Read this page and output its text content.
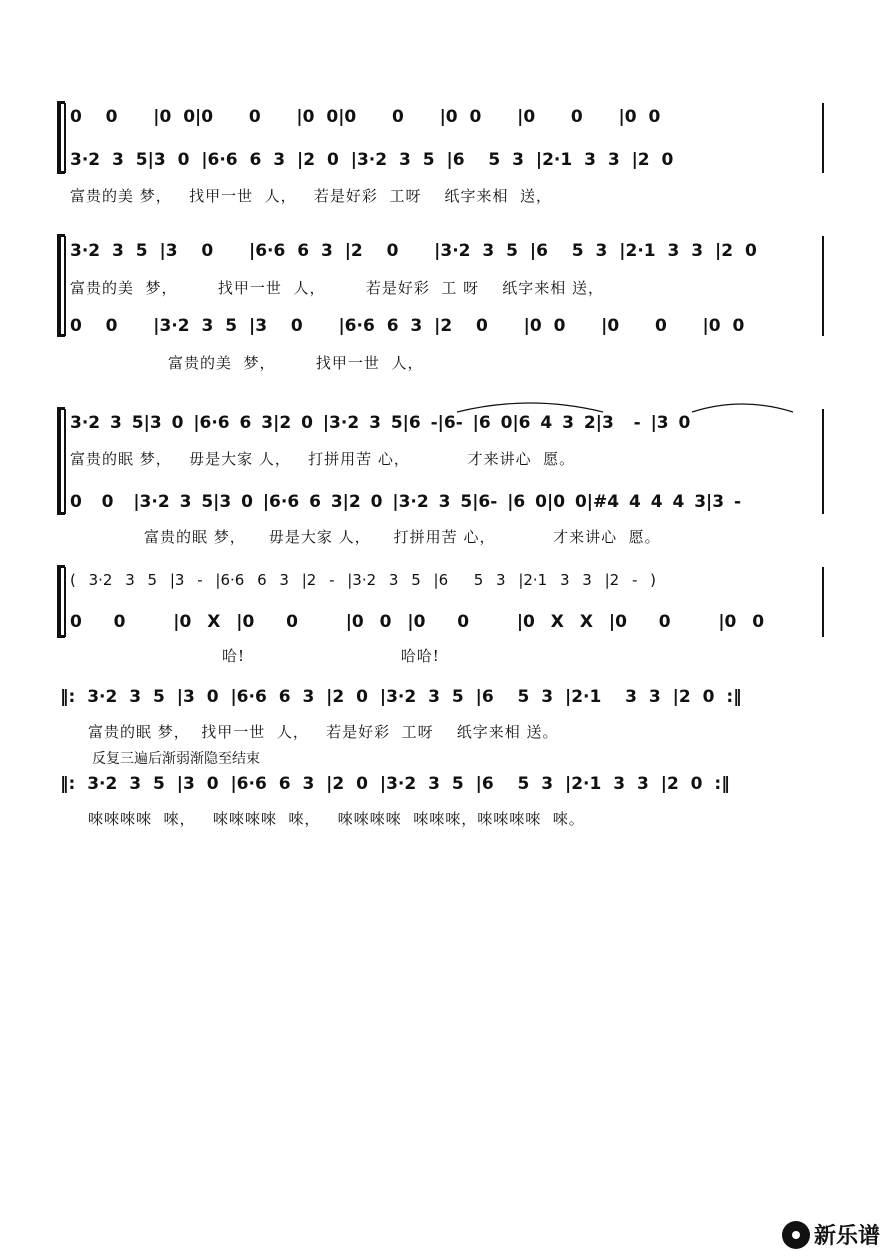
0  0   |0 0|0   0   |0 0|0   0   |0 0   |0   0   |0 0
3·2 3 5|3 0 |6·6 6 3 |2 0 |3·2 3 5 |6  5 3 |2·1 3 3 |2 0
富贵的美 梦，   找甲一世  人，   若是好彩  工呀    纸字来相  送，
3·2 3 5 |3  0   |6·6 6 3 |2  0   |3·2 3 5 |6  5 3 |2·1 3 3 |2 0
富贵的美  梦，       找甲一世  人，       若是好彩  工 呀    纸字来相 送，
0  0   |3·2 3 5 |3  0   |6·6 6 3 |2  0   |0 0   |0   0   |0 0
富贵的美  梦，       找甲一世  人，
3·2 3 5|3 0 |6·6 6 3|2 0 |3·2 3 5|6 -|6- |6 0|6 4 3 2|3  - |3 0
富贵的眠 梦，   毋是大家 人，   打拼用苦 心，          才来讲心  愿。
0  0  |3·2 3 5|3 0 |6·6 6 3|2 0 |3·2 3 5|6- |6 0|0 0|#4 4 4 4 3|3 -
富贵的眠 梦，    毋是大家 人，    打拼用苦 心，          才来讲心  愿。
( 3·2 3 5 |3 - |6·6 6 3 |2 - |3·2 3 5 |6  5 3 |2·1 3 3 |2 - )
0  0   |0 X |0  0   |0 0 |0  0   |0 X X |0  0   |0 0
哈!                           哈哈!
‖: 3·2 3 5 |3 0 |6·6 6 3 |2 0 |3·2 3 5 |6  5 3 |2·1  3 3 |2 0 :‖
富贵的眠 梦，  找甲一世  人，   若是好彩  工呀    纸字来相 送。
反复三遍后渐弱渐隐至结束
‖: 3·2 3 5 |3 0 |6·6 6 3 |2 0 |3·2 3 5 |6  5 3 |2·1 3 3 |2 0 :‖
唻唻唻唻  唻，   唻唻唻唻  唻，   唻唻唻唻  唻唻唻，唻唻唻唻  唻。
新乐谱
